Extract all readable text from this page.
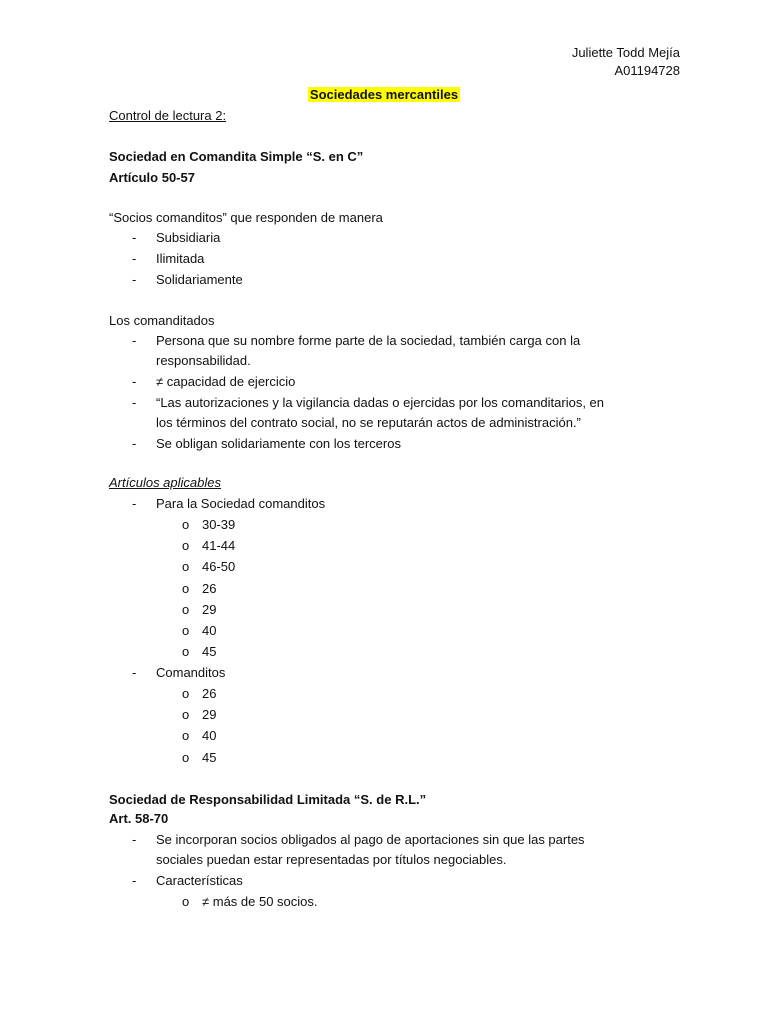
Juliette Todd Mejía
A01194728
Sociedades mercantiles
Control de lectura 2:
Sociedad en Comandita Simple “S. en C”
Artículo 50-57
“Socios comanditos” que responden de manera
- Subsidiaria
- Ilimitada
- Solidariamente
Los comanditados
- Persona que su nombre forme parte de la sociedad, también carga con la
responsabilidad.
- ≠ capacidad de ejercicio
- “Las autorizaciones y la vigilancia dadas o ejercidas por los comanditarios, en
los términos del contrato social, no se reputarán actos de administración.”
- Se obligan solidariamente con los terceros
Artículos aplicables
- Para la Sociedad comanditos
o 30-39
o 41-44
o 46-50
o 26
o 29
o 40
o 45
- Comanditos
o 26
o 29
o 40
o 45
Sociedad de Responsabilidad Limitada “S. de R.L.”
Art. 58-70
- Se incorporan socios obligados al pago de aportaciones sin que las partes
sociales puedan estar representadas por títulos negociables.
- Características
o ≠ más de 50 socios.
